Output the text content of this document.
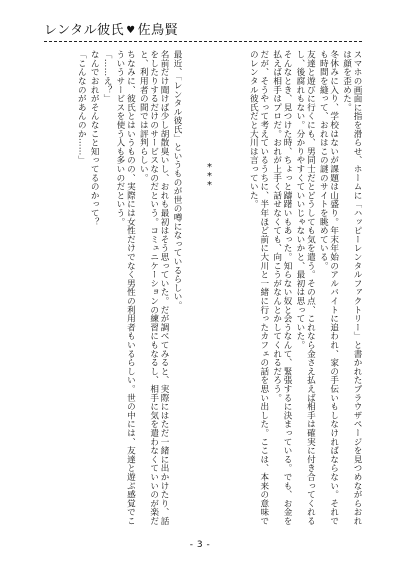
レンタル彼氏 ♥ 佐鳥賢
スマホの画面に指を滑らせ、ホームに「ハッピーレンタルファクトリー」と書かれたブラウザページを見つめながらおれは顔を歪めた。
冬休みに入り、学校はないが課題は山盛り。年末年始のアルバイトに追われ、家の手伝いもしなければならない。それでも時間を縫って、おれはこの謎のサイトを眺めている。
友達と遊びに行くにも、男同士だとどうしても気を遣う。その点、これなら金さえ払えば相手は確実に付き合ってくれるし、後腐れもない。分かりやすくていいじゃないかと、最初は思っていた。
そんなとき、見つけた時、ちょっと躊躇いもあった。知らない奴と会うなんて、緊張するに決まっている。でも、お金を払えば相手はプロだ。おれが上手く話せなくても、向こうがなんとかしてくれるだろう。
だが、そうやって考えているうちに、半年ほど前に大川と一緒に行ったカフェの話を思い出した。ここは、本来の意味でのレンタル彼氏だと大川は言っていた。
***
最近、「レンタル彼氏」というものが世の噂になっているらしい。
名前だけ聞けば少し胡散臭いし、おれも最初はそう思っていた。だが調べてみると、実際にはただ一緒に出かけたり、話をしたりするだけのサービスなのだという。コミュニケーションの練習にもなるし、相手に気を遣わなくていいのが楽だと、利用者の間では評判らしい。
ちなみに、彼氏とはいうものの、実際には女性だけでなく男性の利用者もいるらしい。世の中には、友達と遊ぶ感覚でこういうサービスを使う人も多いのだという。
「……え？」
なんでおれがそんなこと知ってるのかって？
「こんなのがあんのか……」
- 3 -
